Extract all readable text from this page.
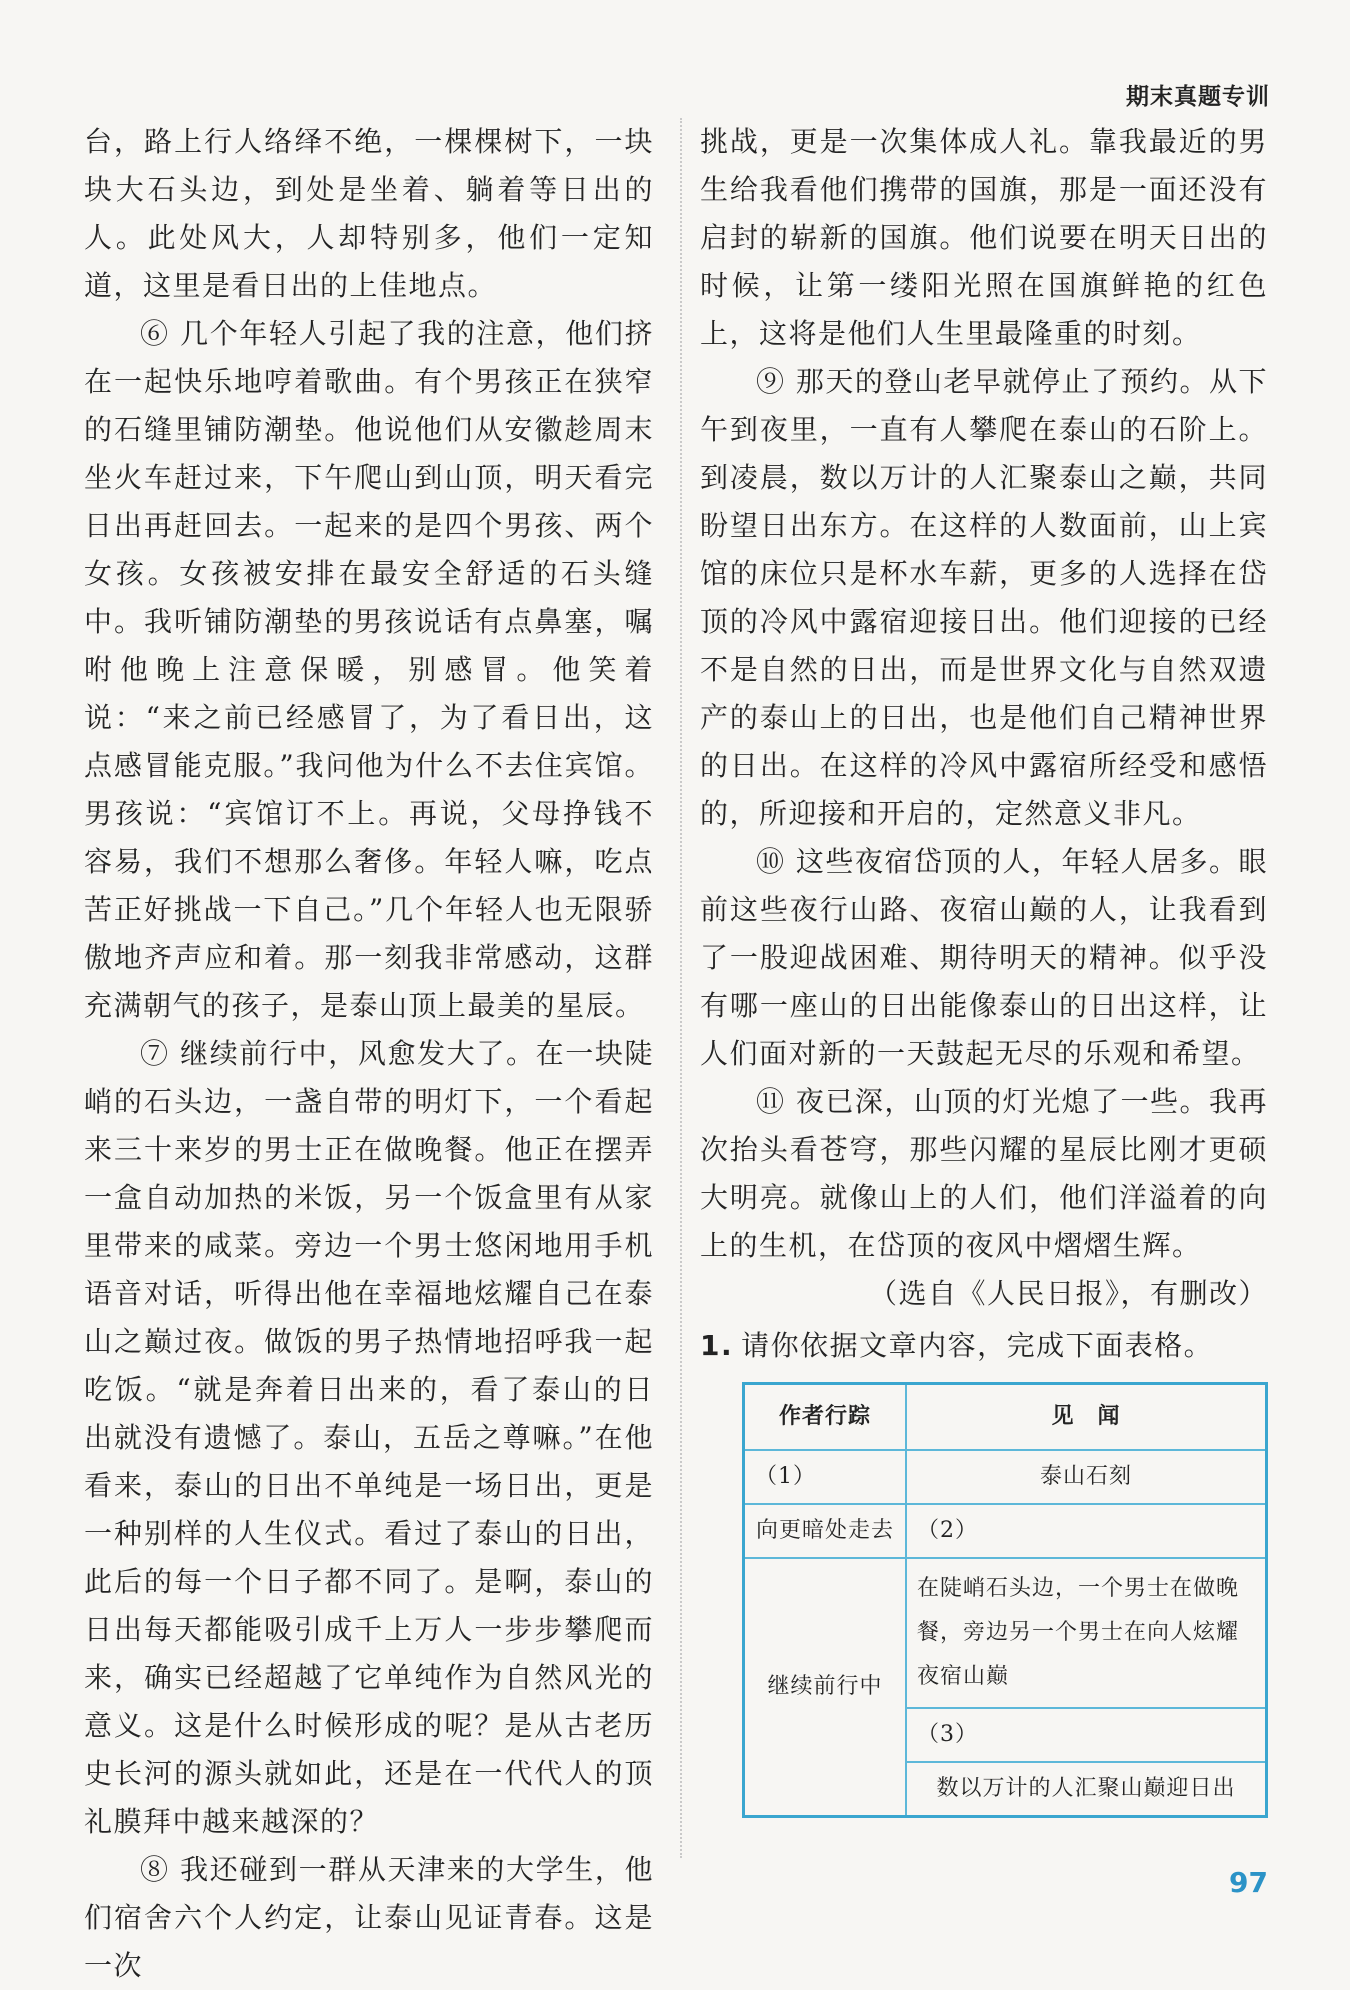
期末真题专训

台，路上行人络绎不绝，一棵棵树下，一块块大石头边，到处是坐着、躺着等日出的人。此处风大，人却特别多，他们一定知道，这里是看日出的上佳地点。

⑥ 几个年轻人引起了我的注意，他们挤在一起快乐地哼着歌曲。有个男孩正在狭窄的石缝里铺防潮垫。他说他们从安徽趁周末坐火车赶过来，下午爬山到山顶，明天看完日出再赶回去。一起来的是四个男孩、两个女孩。女孩被安排在最安全舒适的石头缝中。我听铺防潮垫的男孩说话有点鼻塞，嘱咐他晚上注意保暖，别感冒。他笑着说：“来之前已经感冒了，为了看日出，这点感冒能克服。”我问他为什么不去住宾馆。男孩说：“宾馆订不上。再说，父母挣钱不容易，我们不想那么奢侈。年轻人嘛，吃点苦正好挑战一下自己。”几个年轻人也无限骄傲地齐声应和着。那一刻我非常感动，这群充满朝气的孩子，是泰山顶上最美的星辰。

⑦ 继续前行中，风愈发大了。在一块陡峭的石头边，一盏自带的明灯下，一个看起来三十来岁的男士正在做晚餐。他正在摆弄一盒自动加热的米饭，另一个饭盒里有从家里带来的咸菜。旁边一个男士悠闲地用手机语音对话，听得出他在幸福地炫耀自己在泰山之巅过夜。做饭的男子热情地招呼我一起吃饭。“就是奔着日出来的，看了泰山的日出就没有遗憾了。泰山，五岳之尊嘛。”在他看来，泰山的日出不单纯是一场日出，更是一种别样的人生仪式。看过了泰山的日出，此后的每一个日子都不同了。是啊，泰山的日出每天都能吸引成千上万人一步步攀爬而来，确实已经超越了它单纯作为自然风光的意义。这是什么时候形成的呢？是从古老历史长河的源头就如此，还是在一代代人的顶礼膜拜中越来越深的？

⑧ 我还碰到一群从天津来的大学生，他们宿舍六个人约定，让泰山见证青春。这是一次

挑战，更是一次集体成人礼。靠我最近的男生给我看他们携带的国旗，那是一面还没有启封的崭新的国旗。他们说要在明天日出的时候，让第一缕阳光照在国旗鲜艳的红色上，这将是他们人生里最隆重的时刻。

⑨ 那天的登山老早就停止了预约。从下午到夜里，一直有人攀爬在泰山的石阶上。到凌晨，数以万计的人汇聚泰山之巅，共同盼望日出东方。在这样的人数面前，山上宾馆的床位只是杯水车薪，更多的人选择在岱顶的冷风中露宿迎接日出。他们迎接的已经不是自然的日出，而是世界文化与自然双遗产的泰山上的日出，也是他们自己精神世界的日出。在这样的冷风中露宿所经受和感悟的，所迎接和开启的，定然意义非凡。

⑩ 这些夜宿岱顶的人，年轻人居多。眼前这些夜行山路、夜宿山巅的人，让我看到了一股迎战困难、期待明天的精神。似乎没有哪一座山的日出能像泰山的日出这样，让人们面对新的一天鼓起无尽的乐观和希望。

⑪ 夜已深，山顶的灯光熄了一些。我再次抬头看苍穹，那些闪耀的星辰比刚才更硕大明亮。就像山上的人们，他们洋溢着的向上的生机，在岱顶的夜风中熠熠生辉。

（选自《人民日报》，有删改）

1. 请你依据文章内容，完成下面表格。
作者行踪	见　闻
（1）	泰山石刻
向更暗处走去	（2）
继续前行中	在陡峭石头边，一个男士在做晚餐，旁边另一个男士在向人炫耀夜宿山巅
	（3）
	数以万计的人汇聚山巅迎日出
97
